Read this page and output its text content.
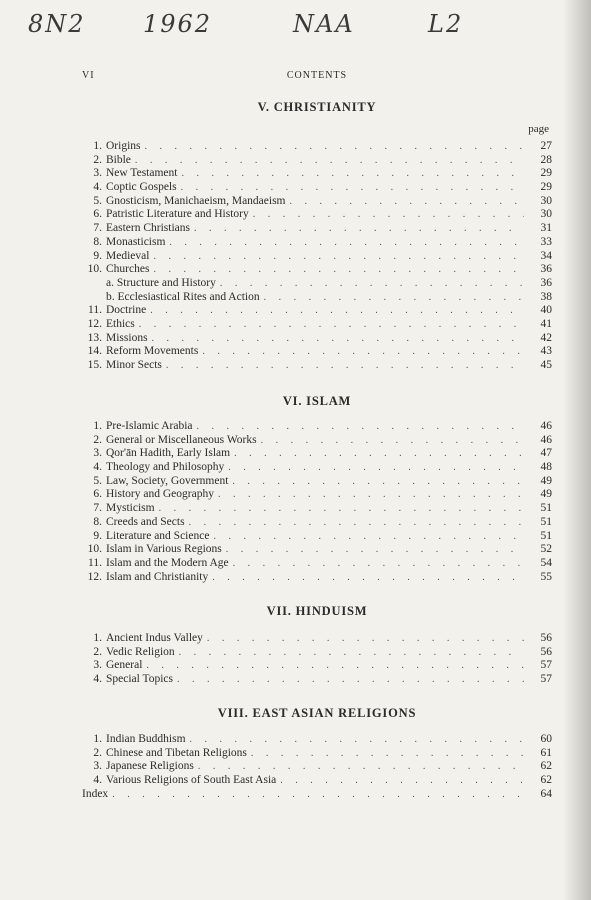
8N2 1962	NAA	L2
VI	CONTENTS
V. CHRISTIANITY
page
1. Origins . . .	27
2. Bible . . .	28
3. New Testament . . .	29
4. Coptic Gospels . . .	29
5. Gnosticism, Manichaeism, Mandaeism . . .	30
6. Patristic Literature and History . . .	30
7. Eastern Christians . . .	31
8. Monasticism . . .	33
9. Medieval . . .	34
10. Churches . . .	36
a. Structure and History . . .	36
b. Ecclesiastical Rites and Action . . .	38
11. Doctrine . . .	40
12. Ethics . . .	41
13. Missions . . .	42
14. Reform Movements . . .	43
15. Minor Sects . . .	45
VI. ISLAM
1. Pre-Islamic Arabia . . .	46
2. General or Miscellaneous Works . . .	46
3. Qor'ān Hadith, Early Islam . . .	47
4. Theology and Philosophy . . .	48
5. Law, Society, Government . . .	49
6. History and Geography . . .	49
7. Mysticism . . .	51
8. Creeds and Sects . . .	51
9. Literature and Science . . .	51
10. Islam in Various Regions . . .	52
11. Islam and the Modern Age . . .	54
12. Islam and Christianity . . .	55
VII. HINDUISM
1. Ancient Indus Valley . . .	56
2. Vedic Religion . . .	56
3. General . . .	57
4. Special Topics . . .	57
VIII. EAST ASIAN RELIGIONS
1. Indian Buddhism . . .	60
2. Chinese and Tibetan Religions . . .	61
3. Japanese Religions . . .	62
4. Various Religions of South East Asia . . .	62
Index . . .	64
